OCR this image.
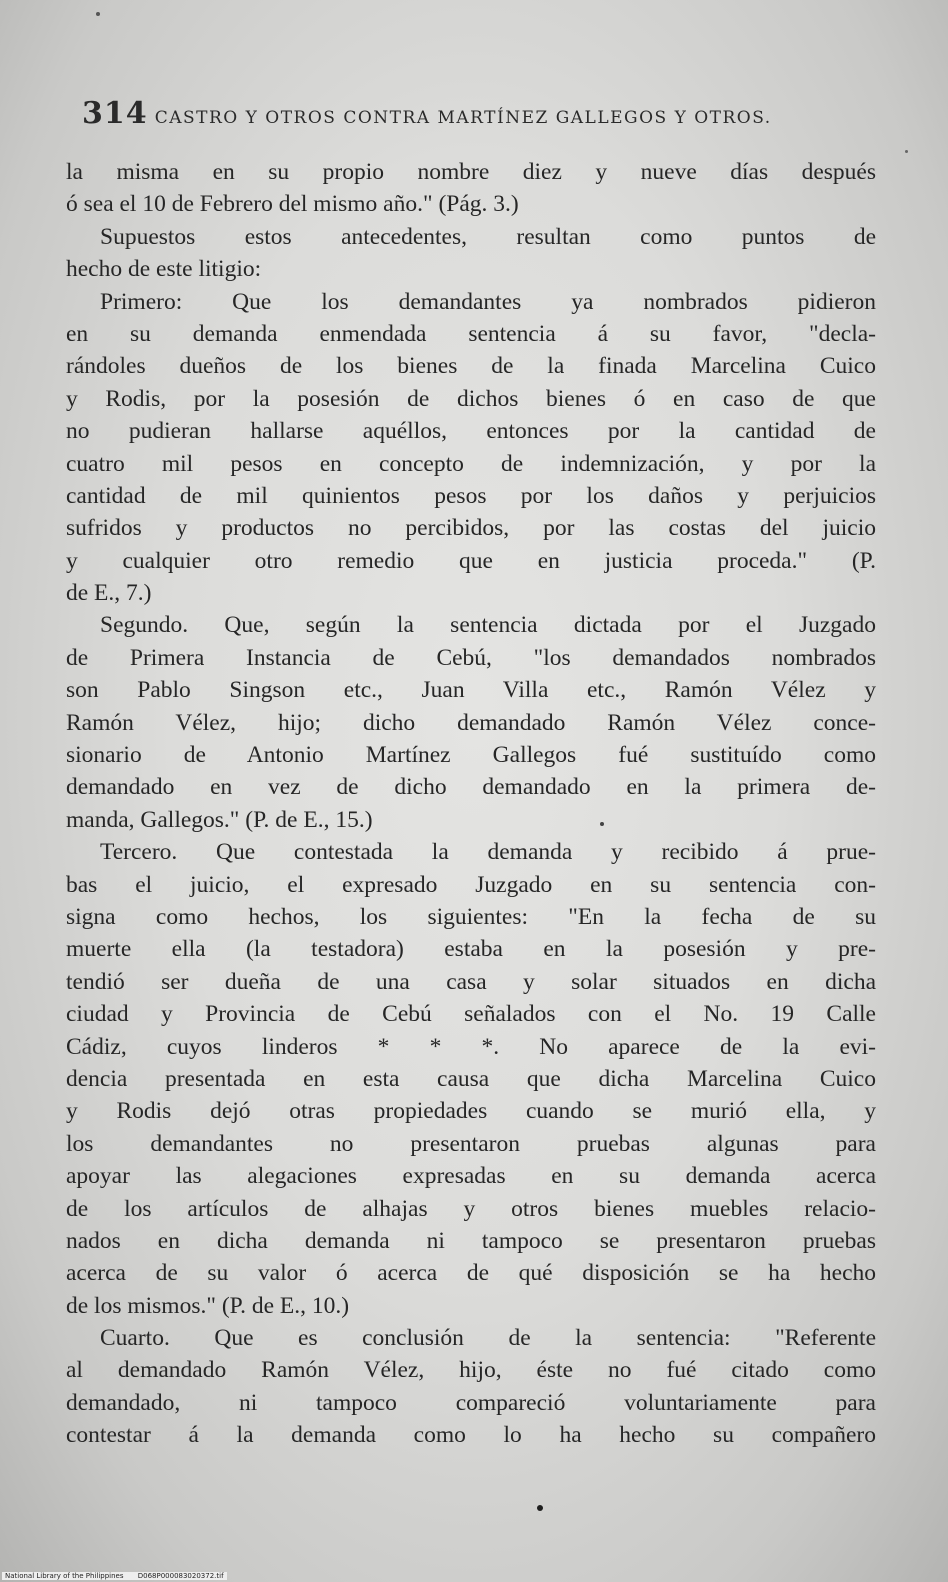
314 CASTRO Y OTROS CONTRA MARTÍNEZ GALLEGOS Y OTROS.
la misma en su propio nombre diez y nueve días después
ó sea el 10 de Febrero del mismo año." (Pág. 3.)
Supuestos estos antecedentes, resultan como puntos de
hecho de este litigio:
Primero: Que los demandantes ya nombrados pidieron
en su demanda enmendada sentencia á su favor, "decla-
rándoles dueños de los bienes de la finada Marcelina Cuico
y Rodis, por la posesión de dichos bienes ó en caso de que
no pudieran hallarse aquéllos, entonces por la cantidad de
cuatro mil pesos en concepto de indemnización, y por la
cantidad de mil quinientos pesos por los daños y perjuicios
sufridos y productos no percibidos, por las costas del juicio
y cualquier otro remedio que en justicia proceda." (P.
de E., 7.)
Segundo. Que, según la sentencia dictada por el Juzgado
de Primera Instancia de Cebú, "los demandados nombrados
son Pablo Singson etc., Juan Villa etc., Ramón Vélez y
Ramón Vélez, hijo; dicho demandado Ramón Vélez conce-
sionario de Antonio Martínez Gallegos fué sustituído como
demandado en vez de dicho demandado en la primera de-
manda, Gallegos." (P. de E., 15.)
Tercero. Que contestada la demanda y recibido á prue-
bas el juicio, el expresado Juzgado en su sentencia con-
signa como hechos, los siguientes: "En la fecha de su
muerte ella (la testadora) estaba en la posesión y pre-
tendió ser dueña de una casa y solar situados en dicha
ciudad y Provincia de Cebú señalados con el No. 19 Calle
Cádiz, cuyos linderos * * *. No aparece de la evi-
dencia presentada en esta causa que dicha Marcelina Cuico
y Rodis dejó otras propiedades cuando se murió ella, y
los demandantes no presentaron pruebas algunas para
apoyar las alegaciones expresadas en su demanda acerca
de los artículos de alhajas y otros bienes muebles relacio-
nados en dicha demanda ni tampoco se presentaron pruebas
acerca de su valor ó acerca de qué disposición se ha hecho
de los mismos." (P. de E., 10.)
Cuarto. Que es conclusión de la sentencia: "Referente
al demandado Ramón Vélez, hijo, éste no fué citado como
demandado, ni tampoco compareció voluntariamente para
contestar á la demanda como lo ha hecho su compañero
National Library of the Philippines D068P000083020372.tif
